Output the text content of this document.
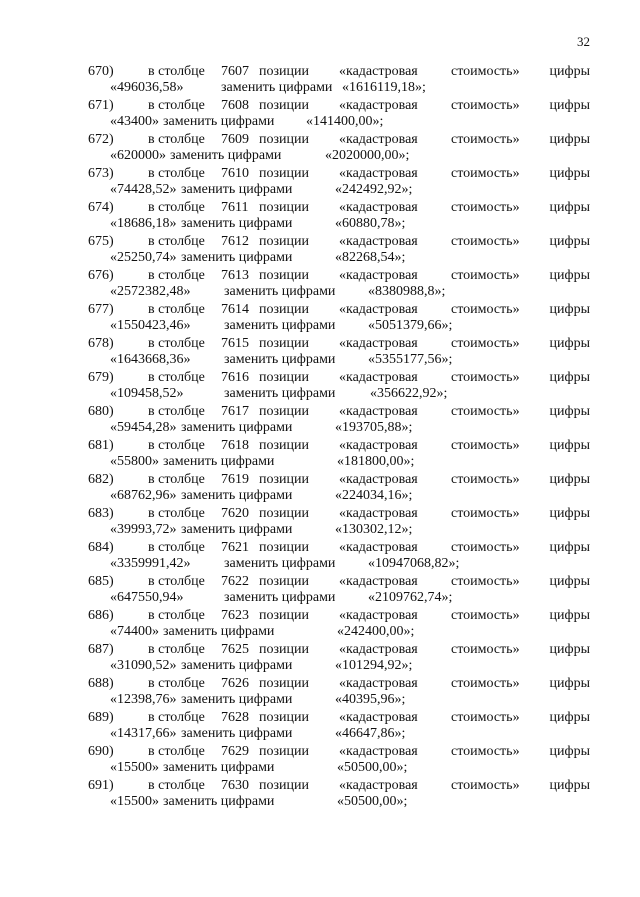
32
670) в столбце 7607 позиции «кадастровая стоимость» цифры
«496036,58»	заменить цифрами «1616119,18»;
671) в столбце 7608 позиции «кадастровая стоимость» цифры
«43400» заменить цифрами «141400,00»;
672) в столбце 7609 позиции «кадастровая стоимость» цифры
«620000» заменить цифрами	«2020000,00»;
673) в столбце 7610 позиции «кадастровая стоимость» цифры
«74428,52» заменить цифрами	«242492,92»;
674) в столбце 7611 позиции «кадастровая стоимость» цифры
«18686,18» заменить цифрами	«60880,78»;
675) в столбце 7612 позиции «кадастровая стоимость» цифры
«25250,74» заменить цифрами	«82268,54»;
676) в столбце 7613 позиции «кадастровая стоимость» цифры
«2572382,48» заменить цифрами «8380988,8»;
677) в столбце 7614 позиции «кадастровая стоимость» цифры
«1550423,46» заменить цифрами «5051379,66»;
678) в столбце 7615 позиции «кадастровая стоимость» цифры
«1643668,36» заменить цифрами «5355177,56»;
679) в столбце 7616 позиции «кадастровая стоимость» цифры
«109458,52»	заменить цифрами «356622,92»;
680) в столбце 7617 позиции «кадастровая стоимость» цифры
«59454,28» заменить цифрами	«193705,88»;
681) в столбце 7618 позиции «кадастровая стоимость» цифры
«55800» заменить цифрами	«181800,00»;
682) в столбце 7619 позиции «кадастровая стоимость» цифры
«68762,96» заменить цифрами	«224034,16»;
683) в столбце 7620 позиции «кадастровая стоимость» цифры
«39993,72» заменить цифрами	«130302,12»;
684) в столбце 7621 позиции «кадастровая стоимость» цифры
«3359991,42» заменить цифрами «10947068,82»;
685) в столбце 7622 позиции «кадастровая стоимость» цифры
«647550,94»	заменить цифрами «2109762,74»;
686) в столбце 7623 позиции «кадастровая стоимость» цифры
«74400» заменить цифрами	«242400,00»;
687) в столбце 7625 позиции «кадастровая стоимость» цифры
«31090,52» заменить цифрами	«101294,92»;
688) в столбце 7626 позиции «кадастровая стоимость» цифры
«12398,76» заменить цифрами	«40395,96»;
689) в столбце 7628 позиции «кадастровая стоимость» цифры
«14317,66» заменить цифрами	«46647,86»;
690) в столбце 7629 позиции «кадастровая стоимость» цифры
«15500» заменить цифрами	«50500,00»;
691) в столбце 7630 позиции «кадастровая стоимость» цифры
«15500» заменить цифрами	«50500,00»;
